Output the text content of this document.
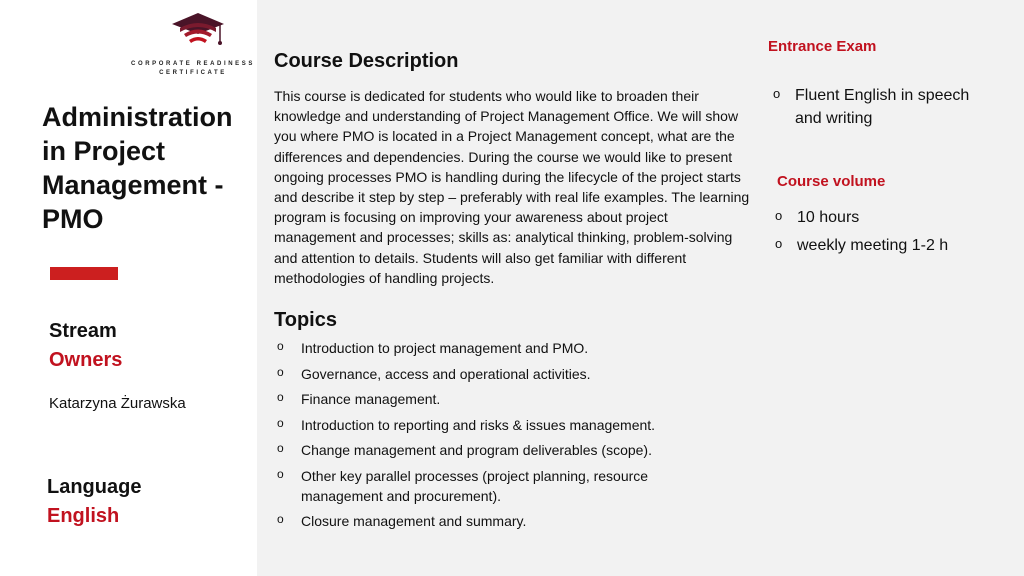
CORPORATE READINESS
CERTIFICATE
Administration in Project Management - PMO
Stream
Owners
Katarzyna Żurawska
Language
English
Course Description
This course is dedicated for students who would like to broaden their knowledge and understanding of Project Management Office. We will show you where PMO is located in a Project Management concept, what are the differences and dependencies. During the course we would like to present ongoing processes PMO is handling during the lifecycle of the project starts and describe it step by step – preferably with real life examples. The learning program is focusing on improving your awareness about project management and processes; skills as: analytical thinking, problem-solving and attention to details. Students will also get familiar with different methodologies of handling projects.
Topics
o	Introduction to project management and PMO.
o	Governance, access and operational activities.
o	Finance management.
o	Introduction to reporting and risks & issues management.
o	Change management and program deliverables (scope).
o	Other key parallel processes (project planning, resource management and procurement).
o	Closure management and summary.
Entrance Exam
o Fluent English in speech and writing
Course volume
o 10 hours
o weekly meeting 1-2 h
